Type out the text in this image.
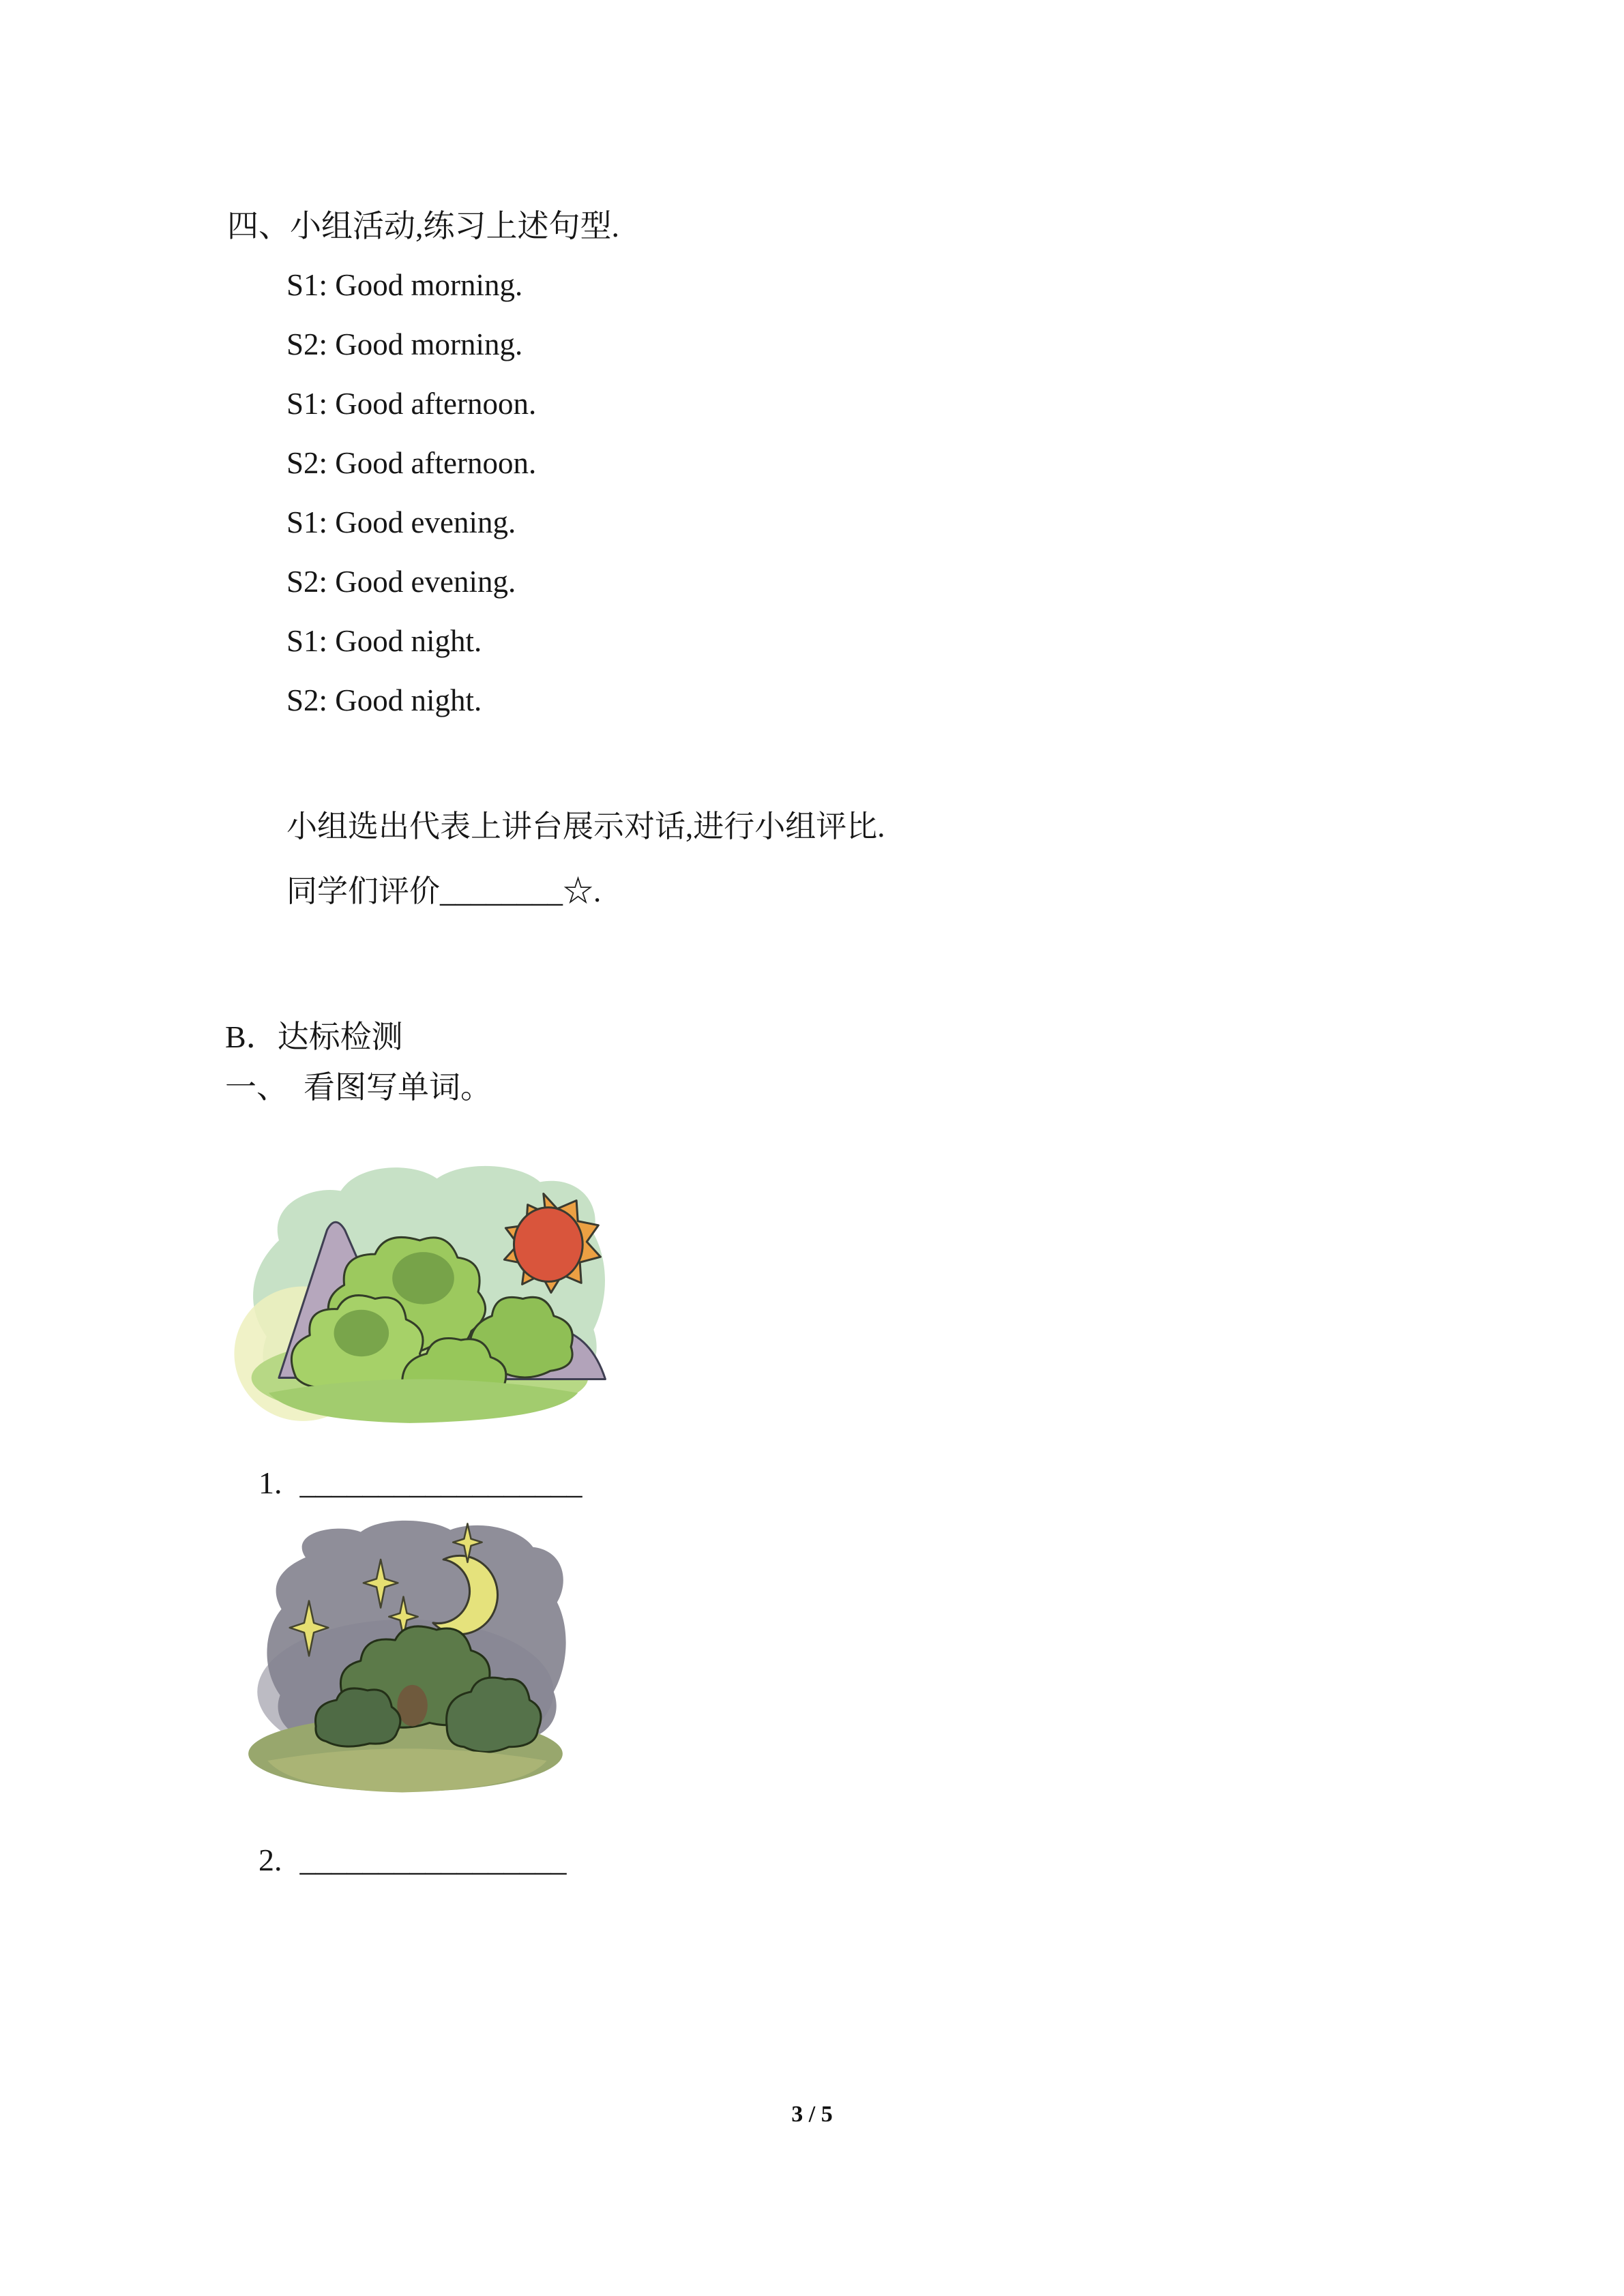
四、小组活动,练习上述句型.
S1: Good morning.
S2: Good morning.
S1: Good afternoon.
S2: Good afternoon.
S1: Good evening.
S2: Good evening.
S1: Good night.
S2: Good night.
小组选出代表上讲台展示对话,进行小组评比.
同学们评价________☆.
B．达标检测
一、　看图写单词。

1. __________________

2. _________________

3 / 5
